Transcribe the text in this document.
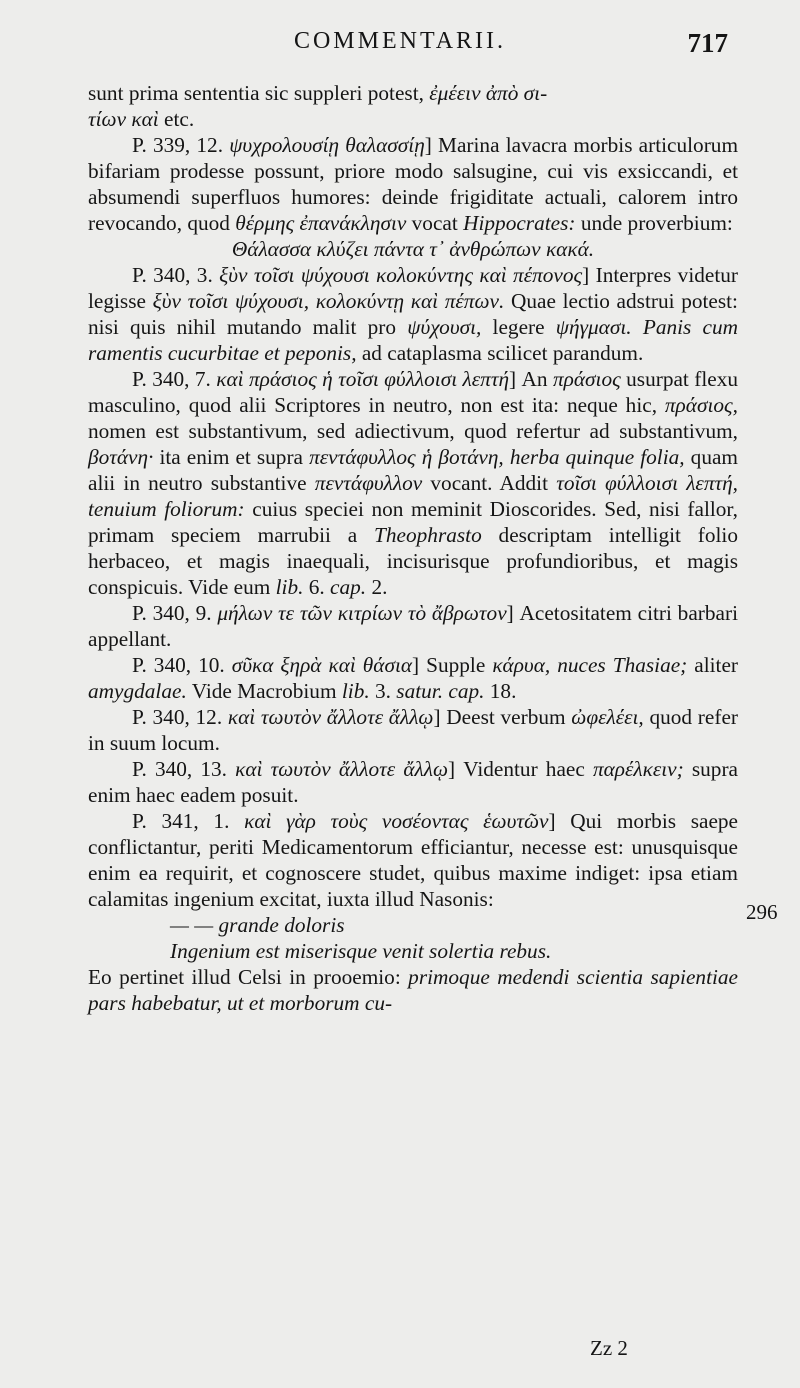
COMMENTARII.	717

sunt prima sententia sic suppleri potest, ἐμέειν ἀπὸ σι-
τίων καὶ etc.

P. 339, 12. ψυχρολουσίῃ θαλασσίῃ] Marina lavacra morbis articulorum bifariam prodesse possunt, priore modo salsugine, cui vis exsiccandi, et absumendi superfluos humores: deinde frigiditate actuali, calorem intro revocando, quod θέρμης ἐπανάκλησιν vocat Hippocrates: unde proverbium:

Θάλασσα κλύζει πάντα τ᾽ ἀνθρώπων κακά.

P. 340, 3. ξὺν τοῖσι ψύχουσι κολοκύντης καὶ πέπονος] Interpres videtur legisse ξὺν τοῖσι ψύχουσι, κολοκύντῃ καὶ πέπων. Quae lectio adstrui potest: nisi quis nihil mutando malit pro ψύχουσι, legere ψήγμασι. Panis cum ramentis cucurbitae et peponis, ad cataplasma scilicet parandum.

P. 340, 7. καὶ πράσιος ἡ τοῖσι φύλλοισι λεπτή] An πράσιος usurpat flexu masculino, quod alii Scriptores in neutro, non est ita: neque hic, πράσιος, nomen est substantivum, sed adiectivum, quod refertur ad substantivum, βοτάνη· ita enim et supra πεντάφυλλος ἡ βοτάνη, herba quinque folia, quam alii in neutro substantive πεντάφυλλον vocant. Addit τοῖσι φύλλοισι λεπτή, tenuium foliorum: cuius speciei non meminit Dioscorides. Sed, nisi fallor, primam speciem marrubii a Theophrasto descriptam intelligit folio herbaceo, et magis inaequali, incisurisque profundioribus, et magis conspicuis. Vide eum lib. 6. cap. 2.

P. 340, 9. μήλων τε τῶν κιτρίων τὸ ἄβρωτον] Acetositatem citri barbari appellant.

P. 340, 10. σῦκα ξηρὰ καὶ θάσια] Supple κάρυα, nuces Thasiae; aliter amygdalae. Vide Macrobium lib. 3. satur. cap. 18.

P. 340, 12. καὶ τωυτὸν ἄλλοτε ἄλλῳ] Deest verbum ὠφελέει, quod refer in suum locum.

P. 340, 13. καὶ τωυτὸν ἄλλοτε ἄλλῳ] Videntur haec παρέλκειν; supra enim haec eadem posuit.

P. 341, 1. καὶ γὰρ τοὺς νοσέοντας ἑωυτῶν] Qui morbis saepe conflictantur, periti Medicamentorum efficiantur, necesse est: unusquisque enim ea requirit, et cognoscere studet, quibus maxime indiget: ipsa etiam calamitas ingenium excitat, iuxta illud Nasonis:

— — grande doloris

Ingenium est miserisque venit solertia rebus.

Eo pertinet illud Celsi in prooemio: primoque medendi scientia sapientiae pars habebatur, ut et morborum cu-

296
Zz 2
